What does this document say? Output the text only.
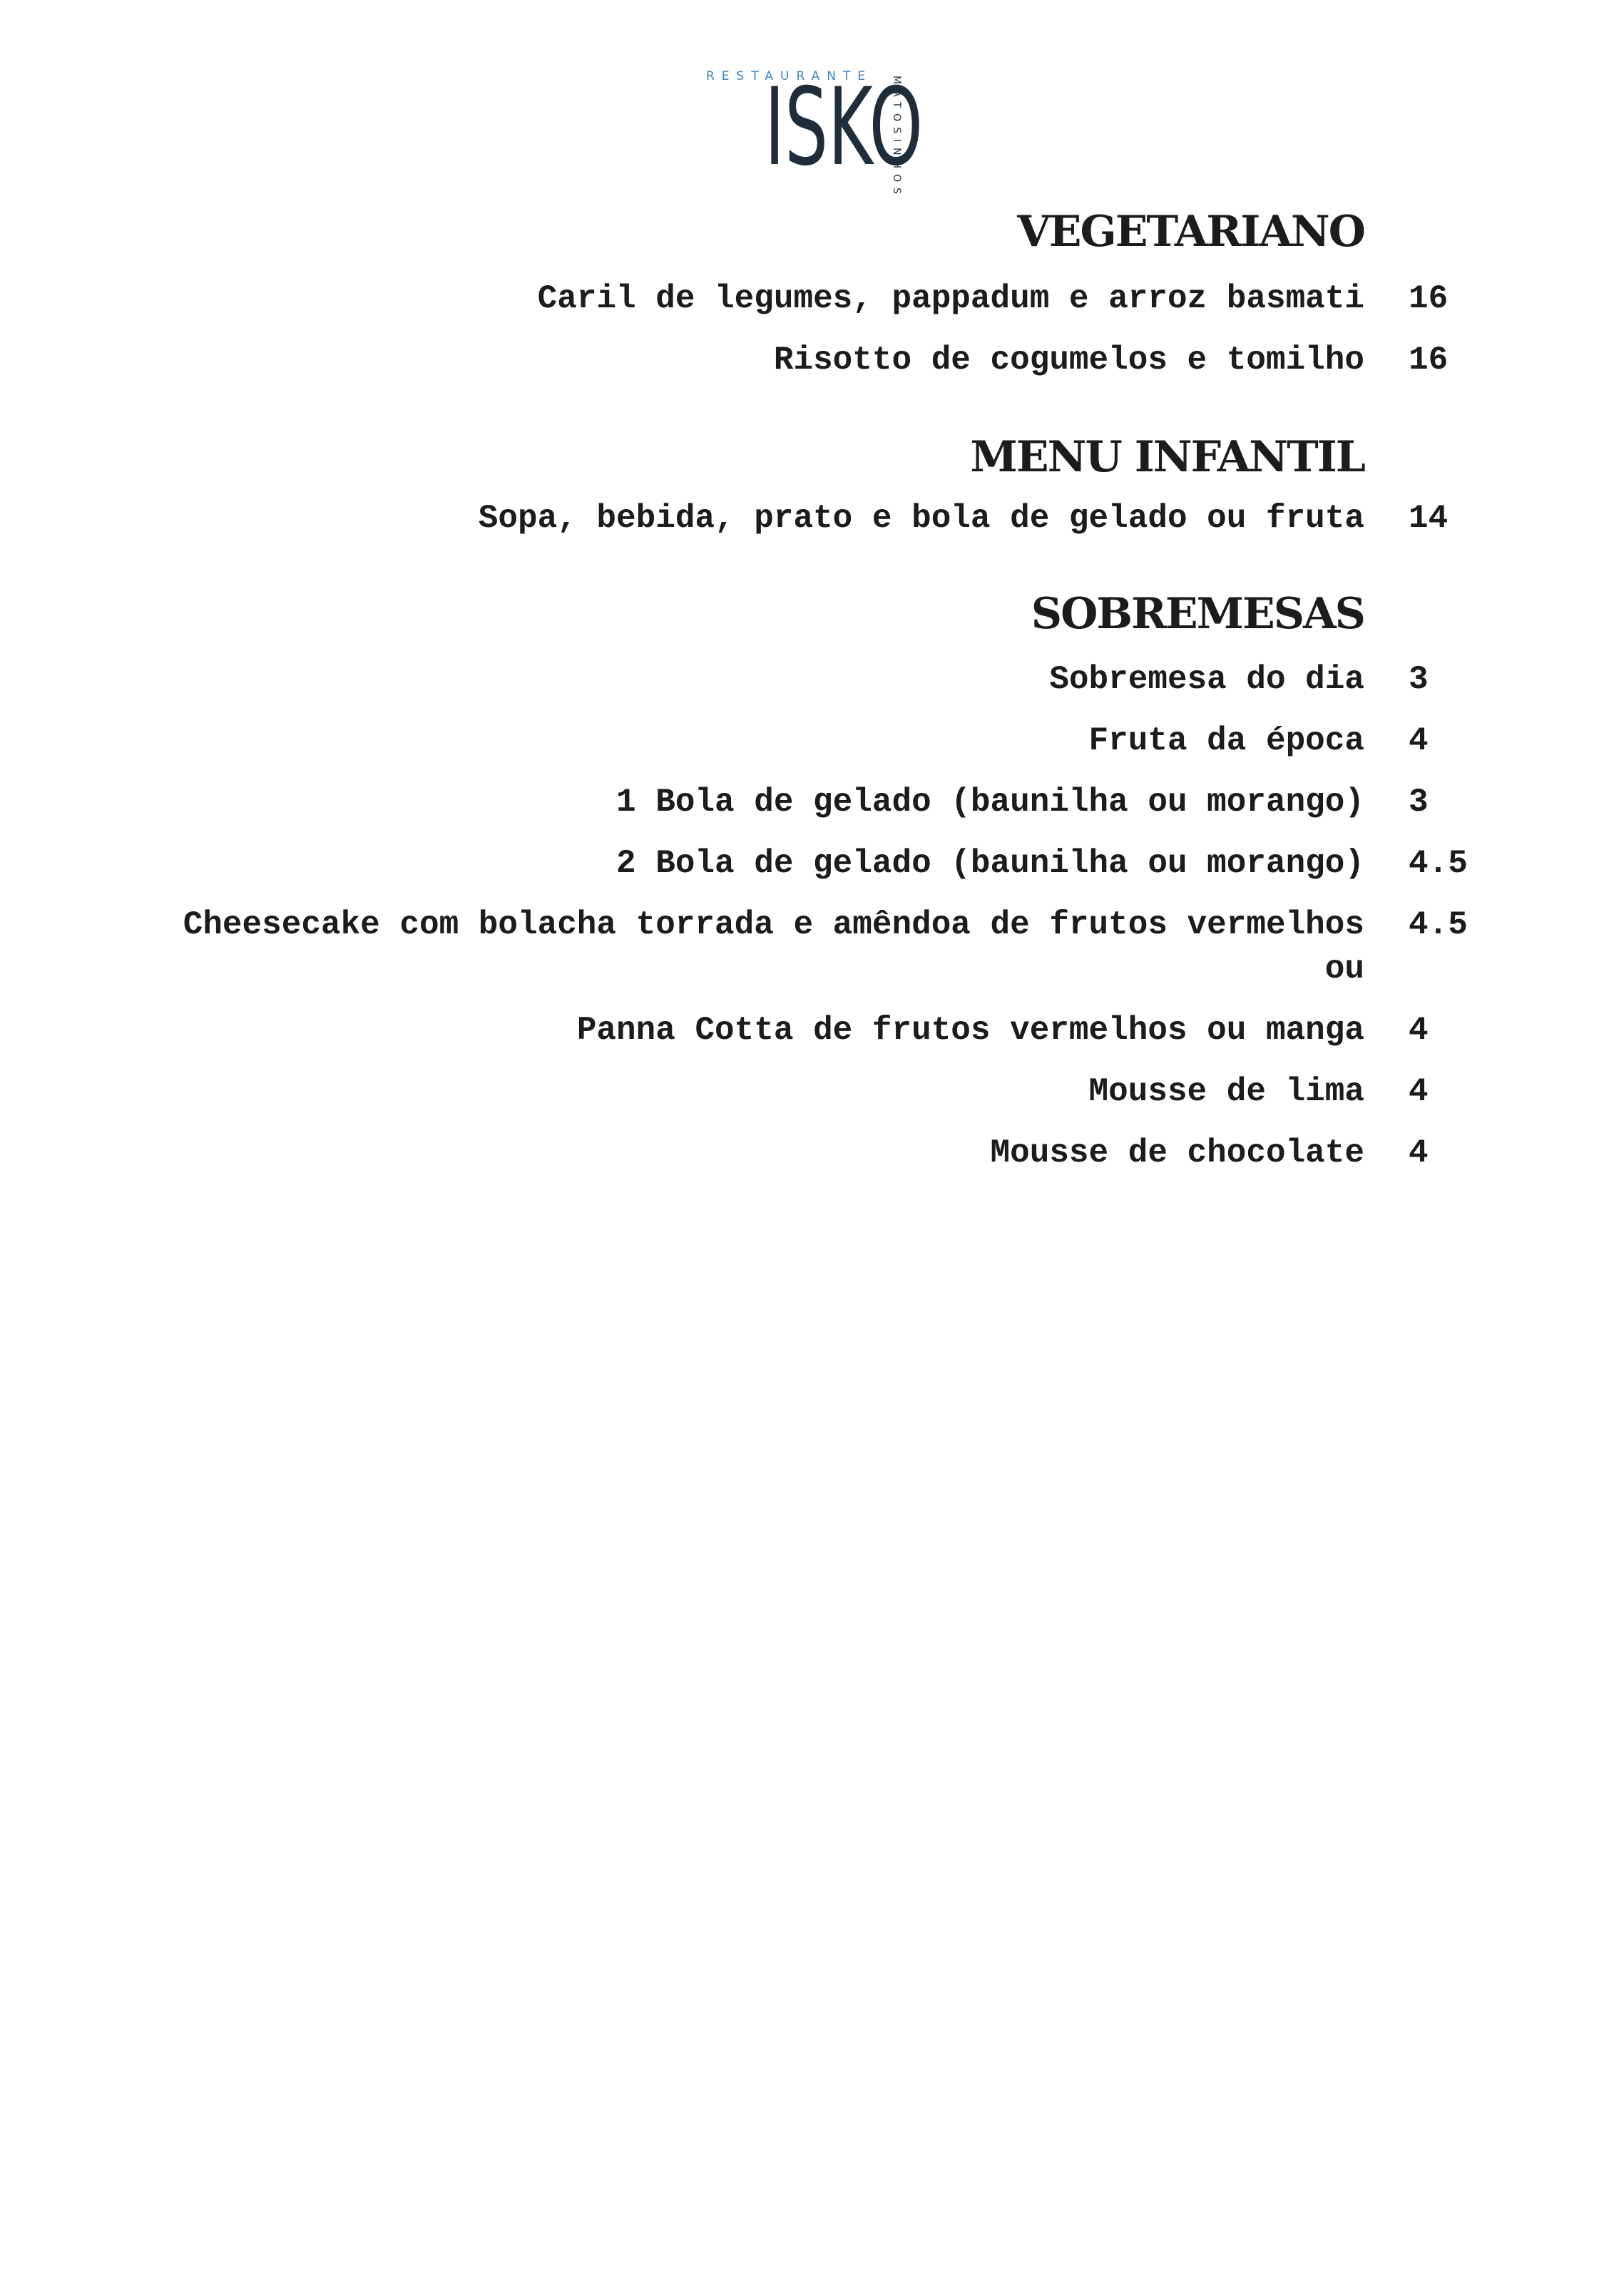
RESTAURANTE
ISKO
MATOSINHOS
VEGETARIANO
Caril de legumes, pappadum e arroz basmati 16
Risotto de cogumelos e tomilho 16
MENU INFANTIL
Sopa, bebida, prato e bola de gelado ou fruta 14
SOBREMESAS
Sobremesa do dia 3
Fruta da época 4
1 Bola de gelado (baunilha ou morango) 3
2 Bola de gelado (baunilha ou morango) 4.5
Cheesecake com bolacha torrada e amêndoa de frutos vermelhos ou
4.5
Panna Cotta de frutos vermelhos ou manga 4
Mousse de lima 4
Mousse de chocolate 4
